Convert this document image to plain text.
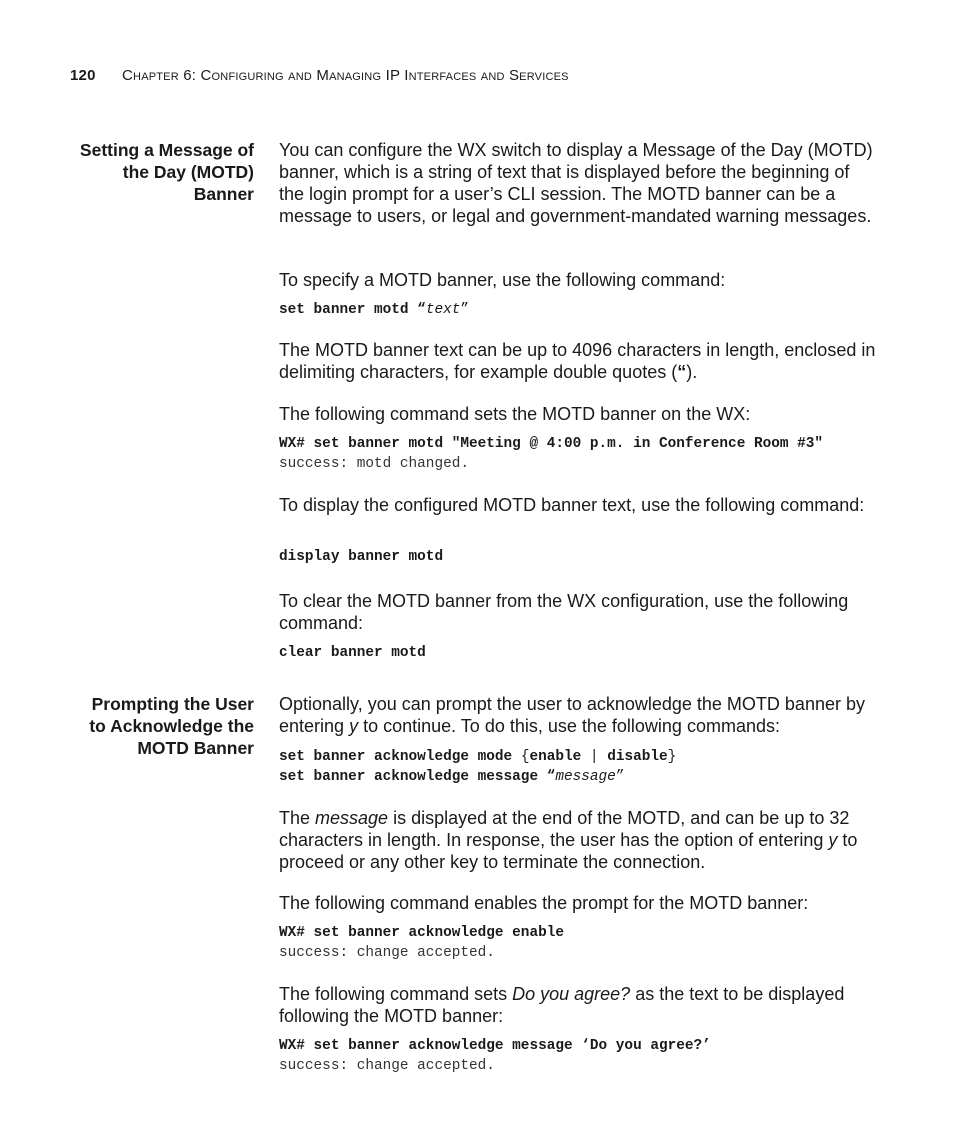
120 Chapter 6: Configuring and Managing IP Interfaces and Services
Setting a Message of
the Day (MOTD)
Banner

You can configure the WX switch to display a Message of the Day (MOTD) banner, which is a string of text that is displayed before the beginning of the login prompt for a user’s CLI session. The MOTD banner can be a message to users, or legal and government-mandated warning messages.

To specify a MOTD banner, use the following command:

set banner motd “text”

The MOTD banner text can be up to 4096 characters in length, enclosed in delimiting characters, for example double quotes (“).

The following command sets the MOTD banner on the WX:

WX# set banner motd "Meeting @ 4:00 p.m. in Conference Room #3"
success: motd changed.

To display the configured MOTD banner text, use the following command:

display banner motd

To clear the MOTD banner from the WX configuration, use the following command:

clear banner motd
Prompting the User
to Acknowledge the
MOTD Banner

Optionally, you can prompt the user to acknowledge the MOTD banner by entering y to continue. To do this, use the following commands:

set banner acknowledge mode {enable | disable}
set banner acknowledge message “message”

The message is displayed at the end of the MOTD, and can be up to 32 characters in length. In response, the user has the option of entering y to proceed or any other key to terminate the connection.

The following command enables the prompt for the MOTD banner:

WX# set banner acknowledge enable
success: change accepted.

The following command sets Do you agree? as the text to be displayed following the MOTD banner:

WX# set banner acknowledge message ‘Do you agree?’
success: change accepted.
